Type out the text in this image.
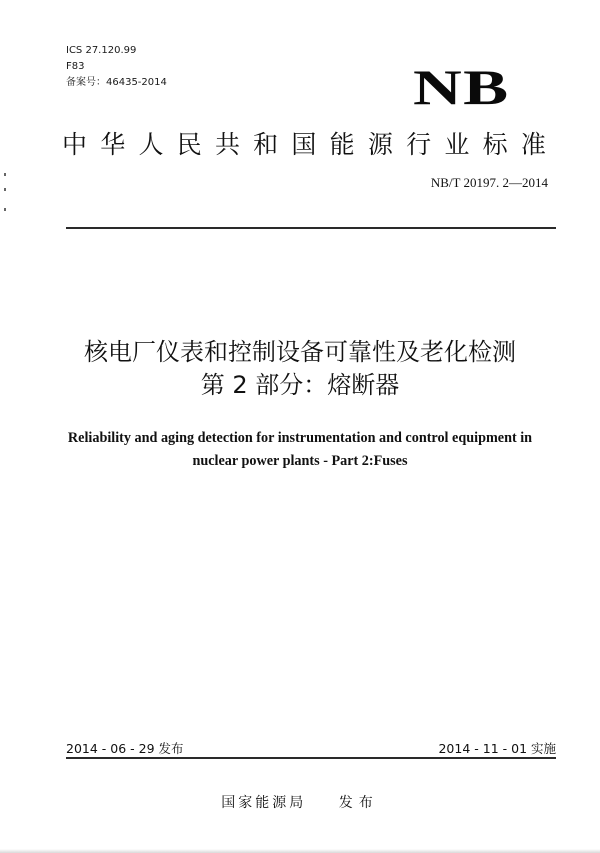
ICS 27.120.99
F83
备案号：46435-2014	NB
中 华 人 民 共 和 国 能 源 行 业 标 准
NB/T 20197. 2—2014
核电厂仪表和控制设备可靠性及老化检测
第 2 部分：熔断器
Reliability and aging detection for instrumentation and control equipment in
nuclear power plants - Part 2:Fuses
2014 - 06 - 29 发布	2014 - 11 - 01 实施
国家能源局 发布
